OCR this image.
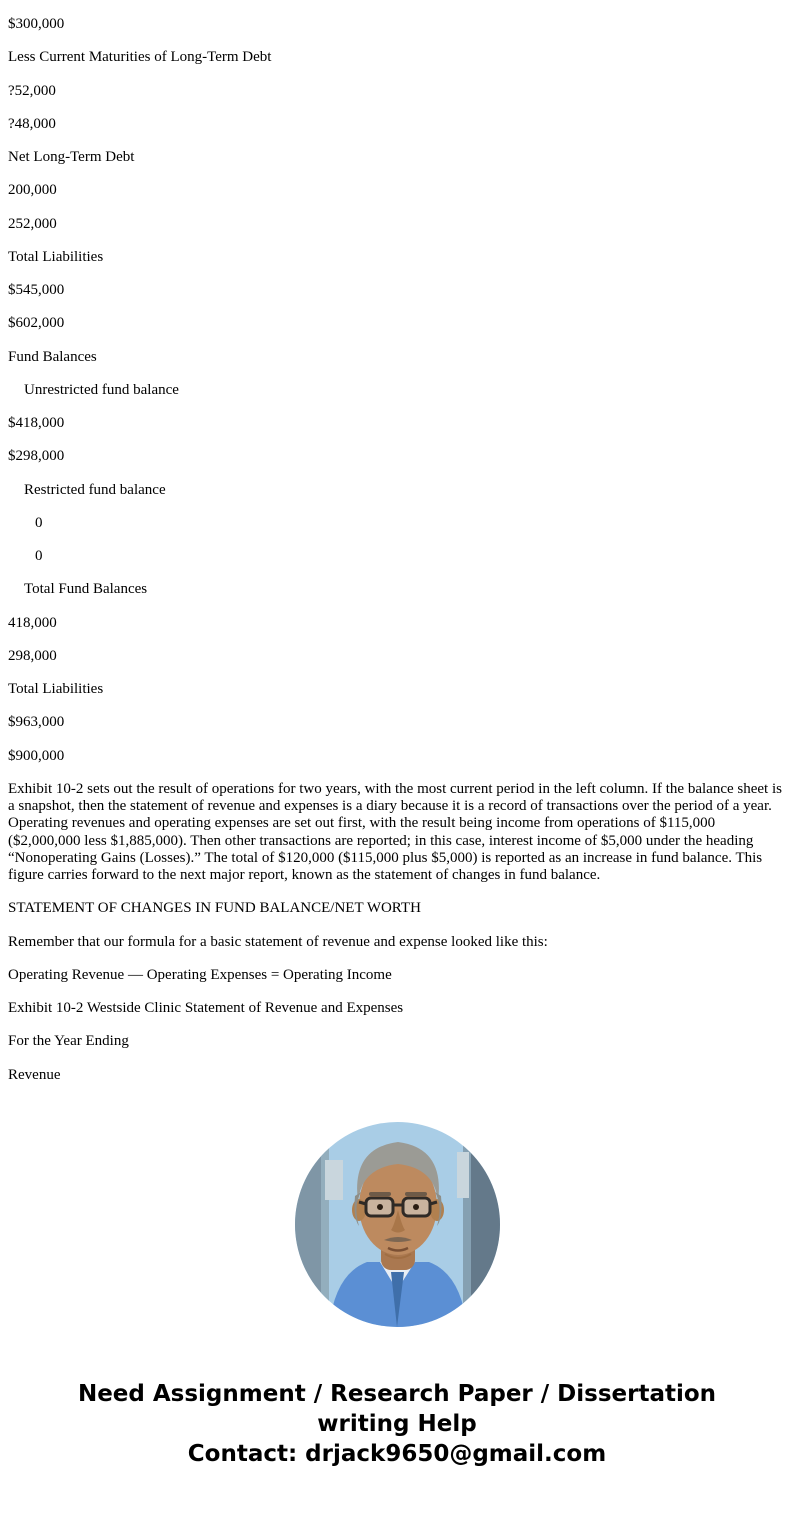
$300,000

Less Current Maturities of Long-Term Debt

?52,000

?48,000

Net Long-Term Debt

200,000

252,000

Total Liabilities

$545,000

$602,000

Fund Balances

Unrestricted fund balance

$418,000

$298,000

Restricted fund balance

0

0

Total Fund Balances

418,000

298,000

Total Liabilities

$963,000

$900,000

Exhibit 10-2 sets out the result of operations for two years, with the most current period in the left column. If the balance sheet is a snapshot, then the statement of revenue and expenses is a diary because it is a record of transactions over the period of a year. Operating revenues and operating expenses are set out first, with the result being income from operations of $115,000 ($2,000,000 less $1,885,000). Then other transactions are reported; in this case, interest income of $5,000 under the heading “Nonoperating Gains (Losses).” The total of $120,000 ($115,000 plus $5,000) is reported as an increase in fund balance. This figure carries forward to the next major report, known as the statement of changes in fund balance.

STATEMENT OF CHANGES IN FUND BALANCE/NET WORTH

Remember that our formula for a basic statement of revenue and expense looked like this:

Operating Revenue — Operating Expenses = Operating Income

Exhibit 10-2 Westside Clinic Statement of Revenue and Expenses

For the Year Ending

Revenue

Need Assignment / Research Paper / Dissertation
writing Help
Contact: drjack9650@gmail.com
